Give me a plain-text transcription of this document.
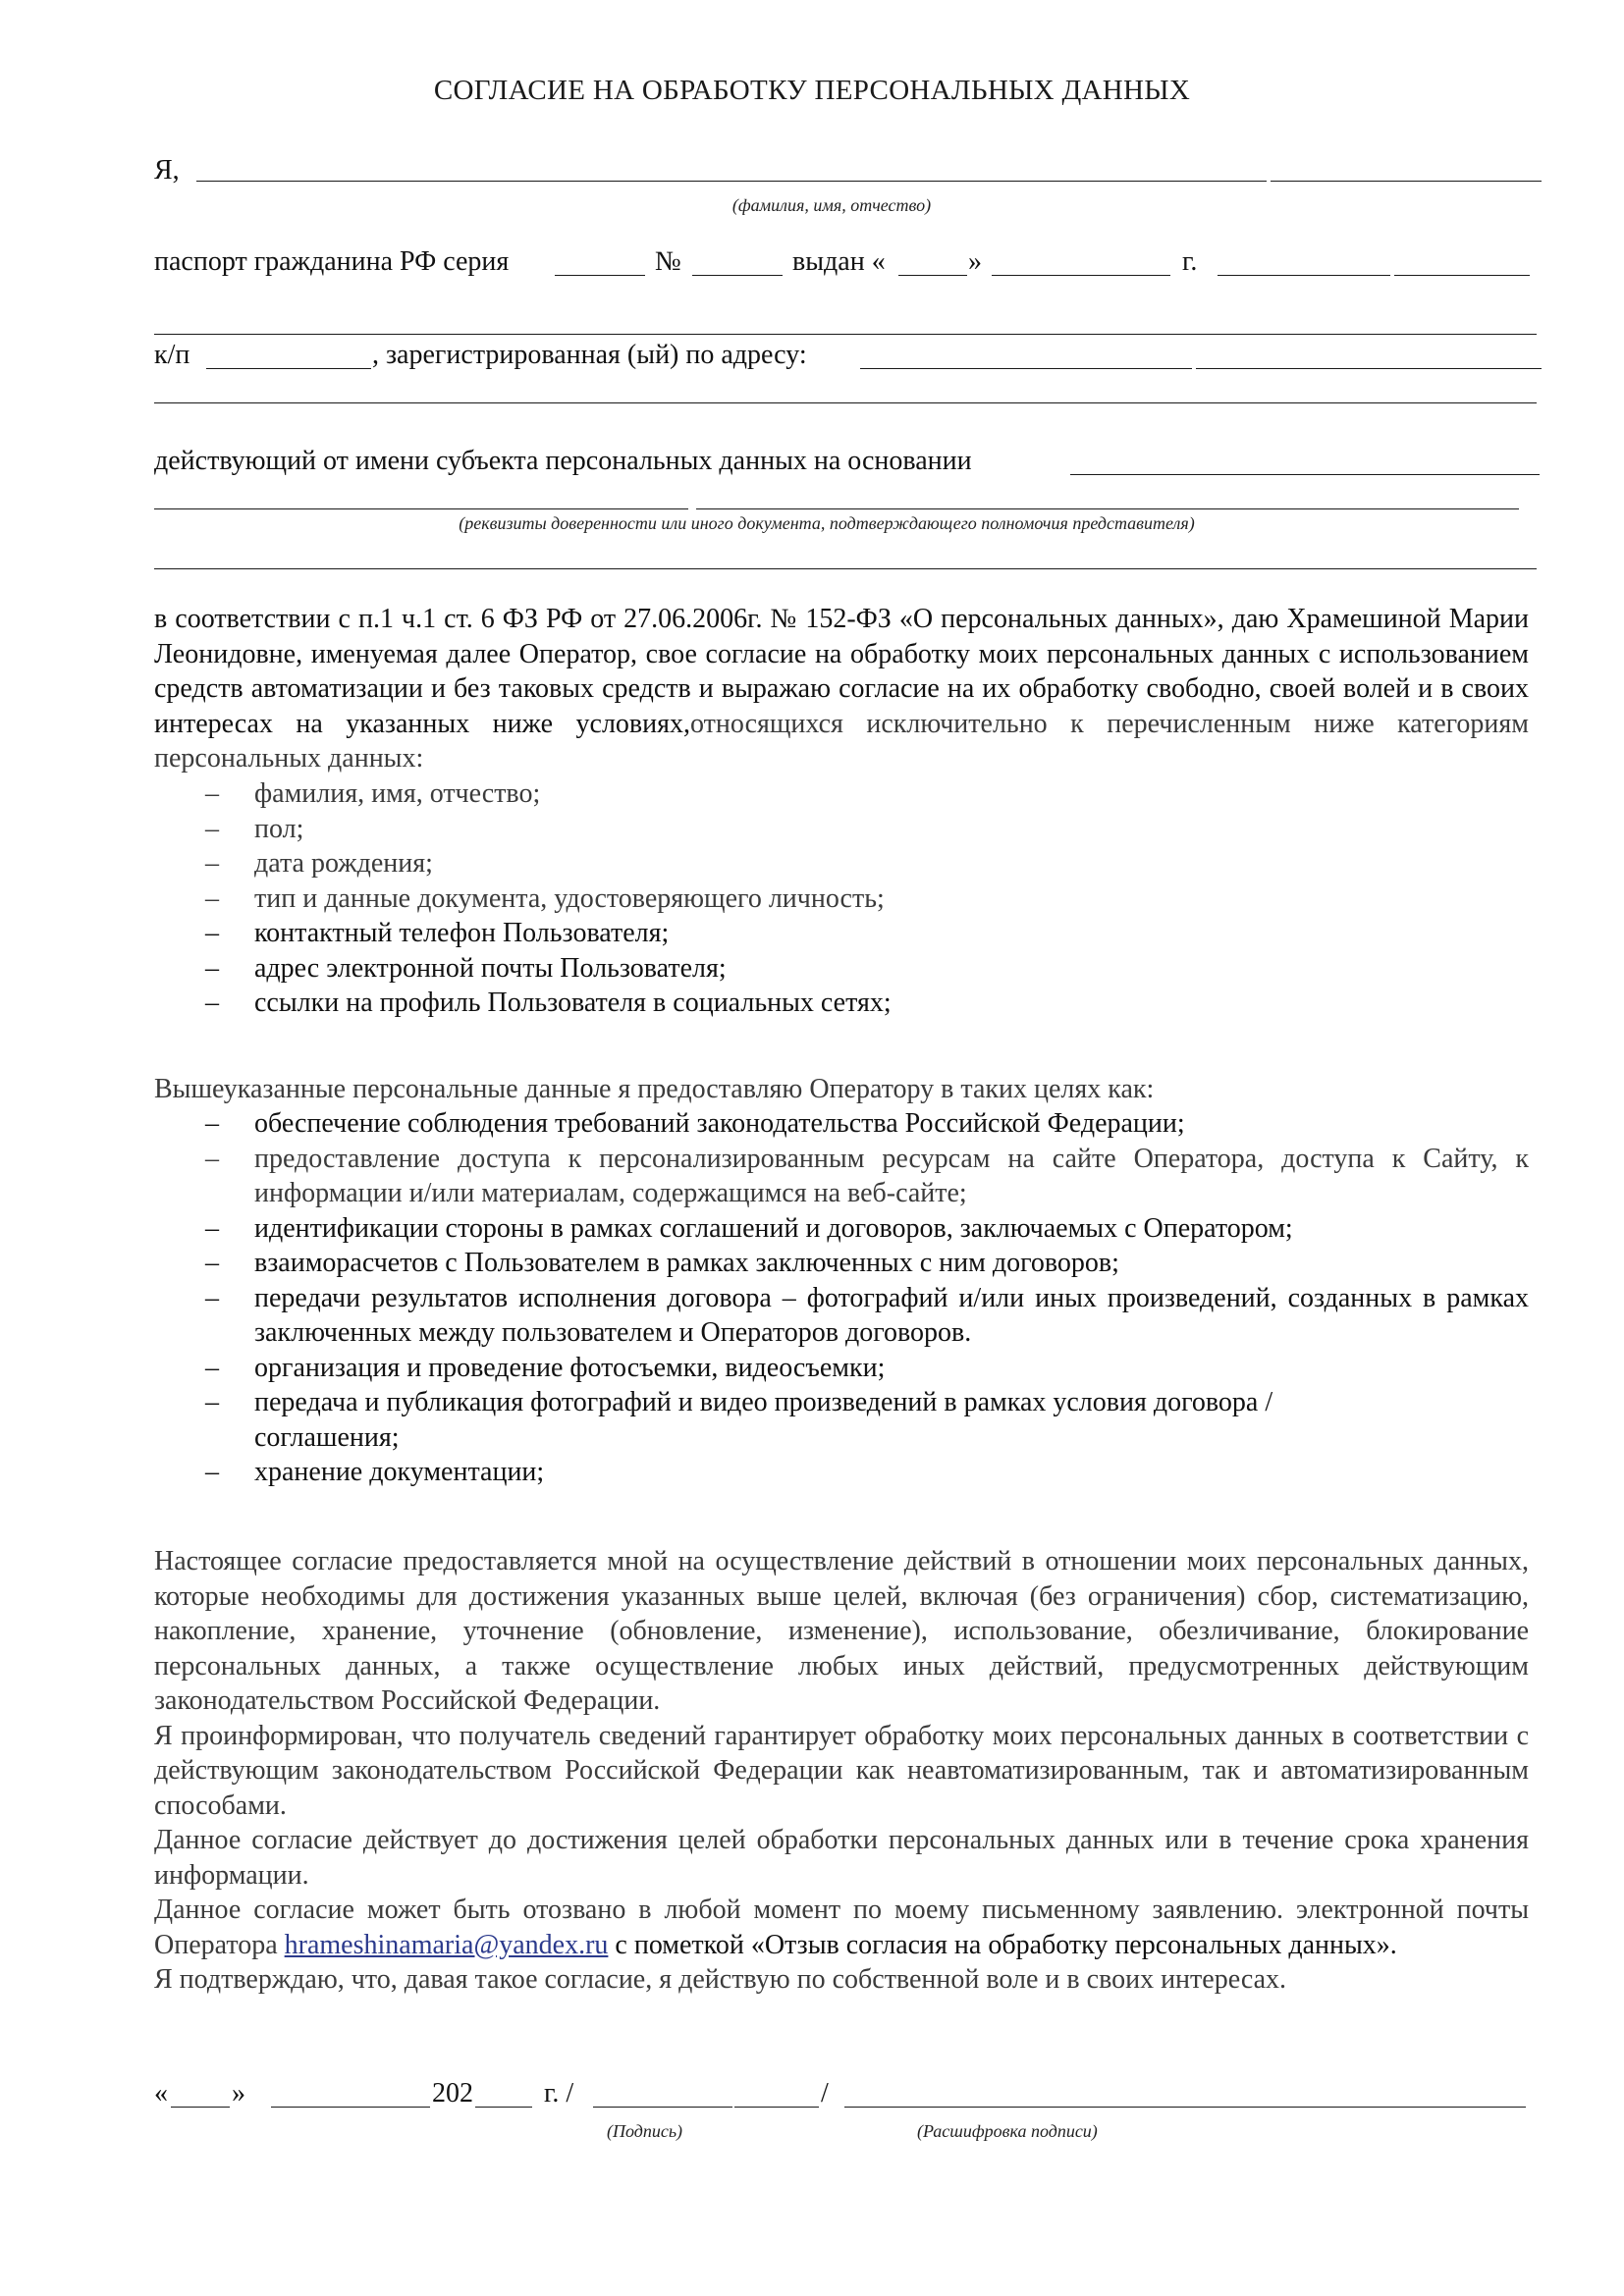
СОГЛАСИЕ НА ОБРАБОТКУ ПЕРСОНАЛЬНЫХ ДАННЫХ
Я,
(фамилия, имя, отчество)
паспорт гражданина РФ серия	№	выдан «	»	г.
к/п	, зарегистрированная (ый) по адресу:
действующий от имени субъекта персональных данных на основании
(реквизиты доверенности или иного документа, подтверждающего полномочия представителя)
в соответствии с п.1 ч.1 ст. 6 ФЗ РФ от 27.06.2006г. № 152-ФЗ «О персональных данных», даю Храмешиной Марии Леонидовне, именуемая далее Оператор, свое согласие на обработку моих персональных данных с использованием средств автоматизации и без таковых средств и выражаю согласие на их обработку свободно, своей волей и в своих интересах на указанных ниже условиях,относящихся исключительно к перечисленным ниже категориям персональных данных:
– фамилия, имя, отчество;
– пол;
– дата рождения;
– тип и данные документа, удостоверяющего личность;
– контактный телефон Пользователя;
– адрес электронной почты Пользователя;
– ссылки на профиль Пользователя в социальных сетях;
Вышеуказанные персональные данные я предоставляю Оператору в таких целях как:
– обеспечение соблюдения требований законодательства Российской Федерации;
– предоставление доступа к персонализированным ресурсам на сайте Оператора, доступа к Сайту, к информации и/или материалам, содержащимся на веб-сайте;
– идентификации стороны в рамках соглашений и договоров, заключаемых с Оператором;
– взаиморасчетов с Пользователем в рамках заключенных с ним договоров;
– передачи результатов исполнения договора – фотографий и/или иных произведений, созданных в рамках заключенных между пользователем и Операторов договоров.
– организация и проведение фотосъемки, видеосъемки;
– передача и публикация фотографий и видео произведений в рамках условия договора / соглашения;
– хранение документации;
Настоящее согласие предоставляется мной на осуществление действий в отношении моих персональных данных, которые необходимы для достижения указанных выше целей, включая (без ограничения) сбор, систематизацию, накопление, хранение, уточнение (обновление, изменение), использование, обезличивание, блокирование персональных данных, а также осуществление любых иных действий, предусмотренных действующим законодательством Российской Федерации.
Я проинформирован, что получатель сведений гарантирует обработку моих персональных данных в соответствии с действующим законодательством Российской Федерации как неавтоматизированным, так и автоматизированным способами.
Данное согласие действует до достижения целей обработки персональных данных или в течение срока хранения информации.
Данное согласие может быть отозвано в любой момент по моему письменному заявлению. электронной почты Оператора hrameshinamaria@yandex.ru с пометкой «Отзыв согласия на обработку персональных данных».
Я подтверждаю, что, давая такое согласие, я действую по собственной воле и в своих интересах.
« »	202	г. /	/
(Подпись)	(Расшифровка подписи)
